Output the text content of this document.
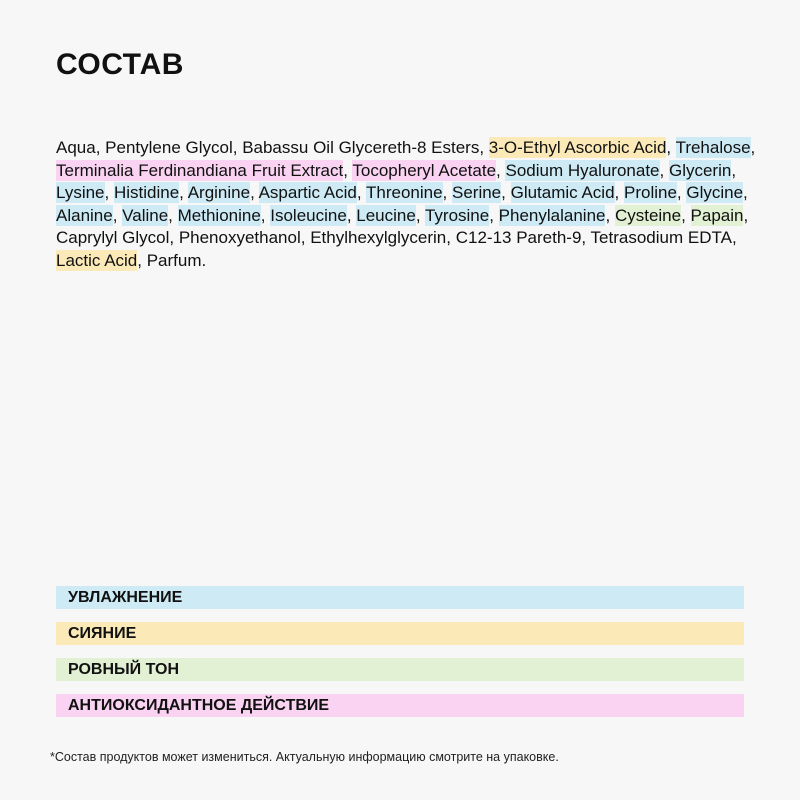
СОСТАВ
Aqua, Pentylene Glycol, Babassu Oil Glycereth-8 Esters, 3-O-Ethyl Ascorbic Acid, Trehalose, Terminalia Ferdinandiana Fruit Extract, Tocopheryl Acetate, Sodium Hyaluronate, Glycerin, Lysine, Histidine, Arginine, Aspartic Acid, Threonine, Serine, Glutamic Acid, Proline, Glycine, Alanine, Valine, Methionine, Isoleucine, Leucine, Tyrosine, Phenylalanine, Cysteine, Papain, Caprylyl Glycol, Phenoxyethanol, Ethylhexylglycerin, C12-13 Pareth-9, Tetrasodium EDTA, Lactic Acid, Parfum.
УВЛАЖНЕНИЕ
СИЯНИЕ
РОВНЫЙ ТОН
АНТИОКСИДАНТНОЕ ДЕЙСТВИЕ
*Состав продуктов может измениться. Актуальную информацию смотрите на упаковке.
